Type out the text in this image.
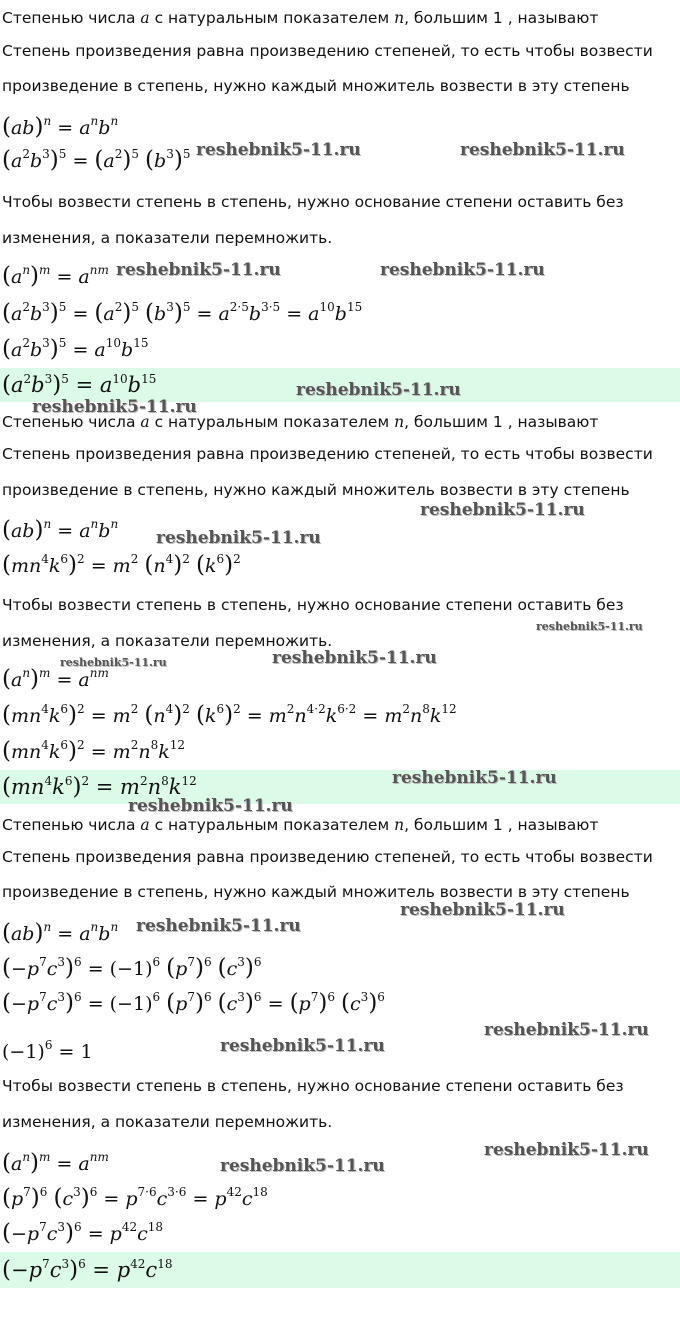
Степенью числа a с натуральным показателем n, большим 1 , называют
Степень произведения равна произведению степеней, то есть чтобы возвести
произведение в степень, нужно каждый множитель возвести в эту степень
$(ab)^n = a^nb^n$
$(a^2b^3)^5 = (a^2)^5$ $(b^3)^5$
Чтобы возвести степень в степень, нужно основание степени оставить без
изменения, а показатели перемножить.
$(a^n)^m = a^{nm}$
$(a^2b^3)^5 = (a^2)^5$ $(b^3)^5 = a^{2\cdot 5}b^{3\cdot 5} = a^{10}b^{15}$
$(a^2b^3)^5 = a^{10}b^{15}$
$(a^2b^3)^5 = a^{10}b^{15}$
Степенью числа a с натуральным показателем n, большим 1 , называют
Степень произведения равна произведению степеней, то есть чтобы возвести
произведение в степень, нужно каждый множитель возвести в эту степень
$(ab)^n = a^nb^n$
$(mn^4k^6)^2 = m^2$ $(n^4)^2$ $(k^6)^2$
Чтобы возвести степень в степень, нужно основание степени оставить без
изменения, а показатели перемножить.
$(a^n)^m = a^{nm}$
$(mn^4k^6)^2 = m^2$ $(n^4)^2$ $(k^6)^2 = m^2n^{4\cdot 2}k^{6\cdot 2} = m^2n^8k^{12}$
$(mn^4k^6)^2 = m^2n^8k^{12}$
$(mn^4k^6)^2 = m^2n^8k^{12}$
Степенью числа a с натуральным показателем n, большим 1 , называют
Степень произведения равна произведению степеней, то есть чтобы возвести
произведение в степень, нужно каждый множитель возвести в эту степень
$(ab)^n = a^nb^n$
$(-p^7c^3)^6 = (-1)^6$ $(p^7)^6$ $(c^3)^6$
$(-p^7c^3)^6 = (-1)^6$ $(p^7)^6$ $(c^3)^6 = (p^7)^6$ $(c^3)^6$
$(-1)^6 = 1$
Чтобы возвести степень в степень, нужно основание степени оставить без
изменения, а показатели перемножить.
$(a^n)^m = a^{nm}$
$(p^7)^6$ $(c^3)^6 = p^{7\cdot 6}c^{3\cdot 6} = p^{42}c^{18}$
$(-p^7c^3)^6 = p^{42}c^{18}$
$(-p^7c^3)^6 = p^{42}c^{18}$
reshebnik5-11.ru	reshebnik5-11.ru
reshebnik5-11.ru	reshebnik5-11.ru
reshebnik5-11.ru
reshebnik5-11.ru
reshebnik5-11.ru
reshebnik5-11.ru
reshebnik5-11.ru
reshebnik5-11.ru
reshebnik5-11.ru
reshebnik5-11.ru
reshebnik5-11.ru
reshebnik5-11.ru
reshebnik5-11.ru
reshebnik5-11.ru
reshebnik5-11.ru
reshebnik5-11.ru
reshebnik5-11.ru
